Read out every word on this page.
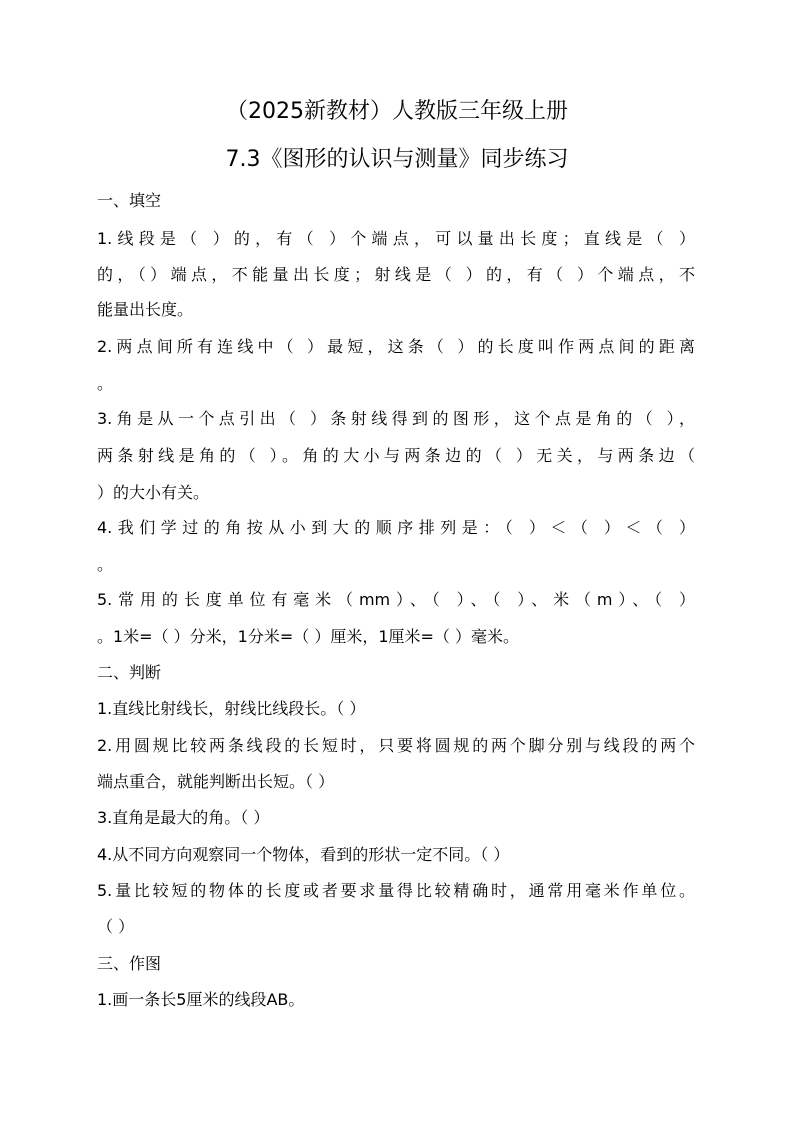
（2025新教材）人教版三年级上册
7.3《图形的认识与测量》同步练习
一、填空
1.线段是（ ）的，有（ ）个端点，可以量出长度；直线是（ ）
的，（）端点，不能量出长度；射线是（ ）的，有（ ）个端点，不
能量出长度。
2.两点间所有连线中（ ）最短，这条（ ）的长度叫作两点间的距离
。
3.角是从一个点引出（ ）条射线得到的图形，这个点是角的（ ），
两条射线是角的（ ）。角的大小与两条边的（ ）无关，与两条边（
）的大小有关。
4.我们学过的角按从小到大的顺序排列是：（ ）＜（ ）＜（ ）
。
5.常用的长度单位有毫米（mm）、（ ）、（ ）、米（m）、（ ）
。1米=（ ）分米，1分米=（ ）厘米，1厘米=（ ）毫米。
二、判断
1.直线比射线长，射线比线段长。（ ）
2.用圆规比较两条线段的长短时，只要将圆规的两个脚分别与线段的两个
端点重合，就能判断出长短。（ ）
3.直角是最大的角。（ ）
4.从不同方向观察同一个物体，看到的形状一定不同。（ ）
5.量比较短的物体的长度或者要求量得比较精确时，通常用毫米作单位。
（ ）
三、作图
1.画一条长5厘米的线段AB。
